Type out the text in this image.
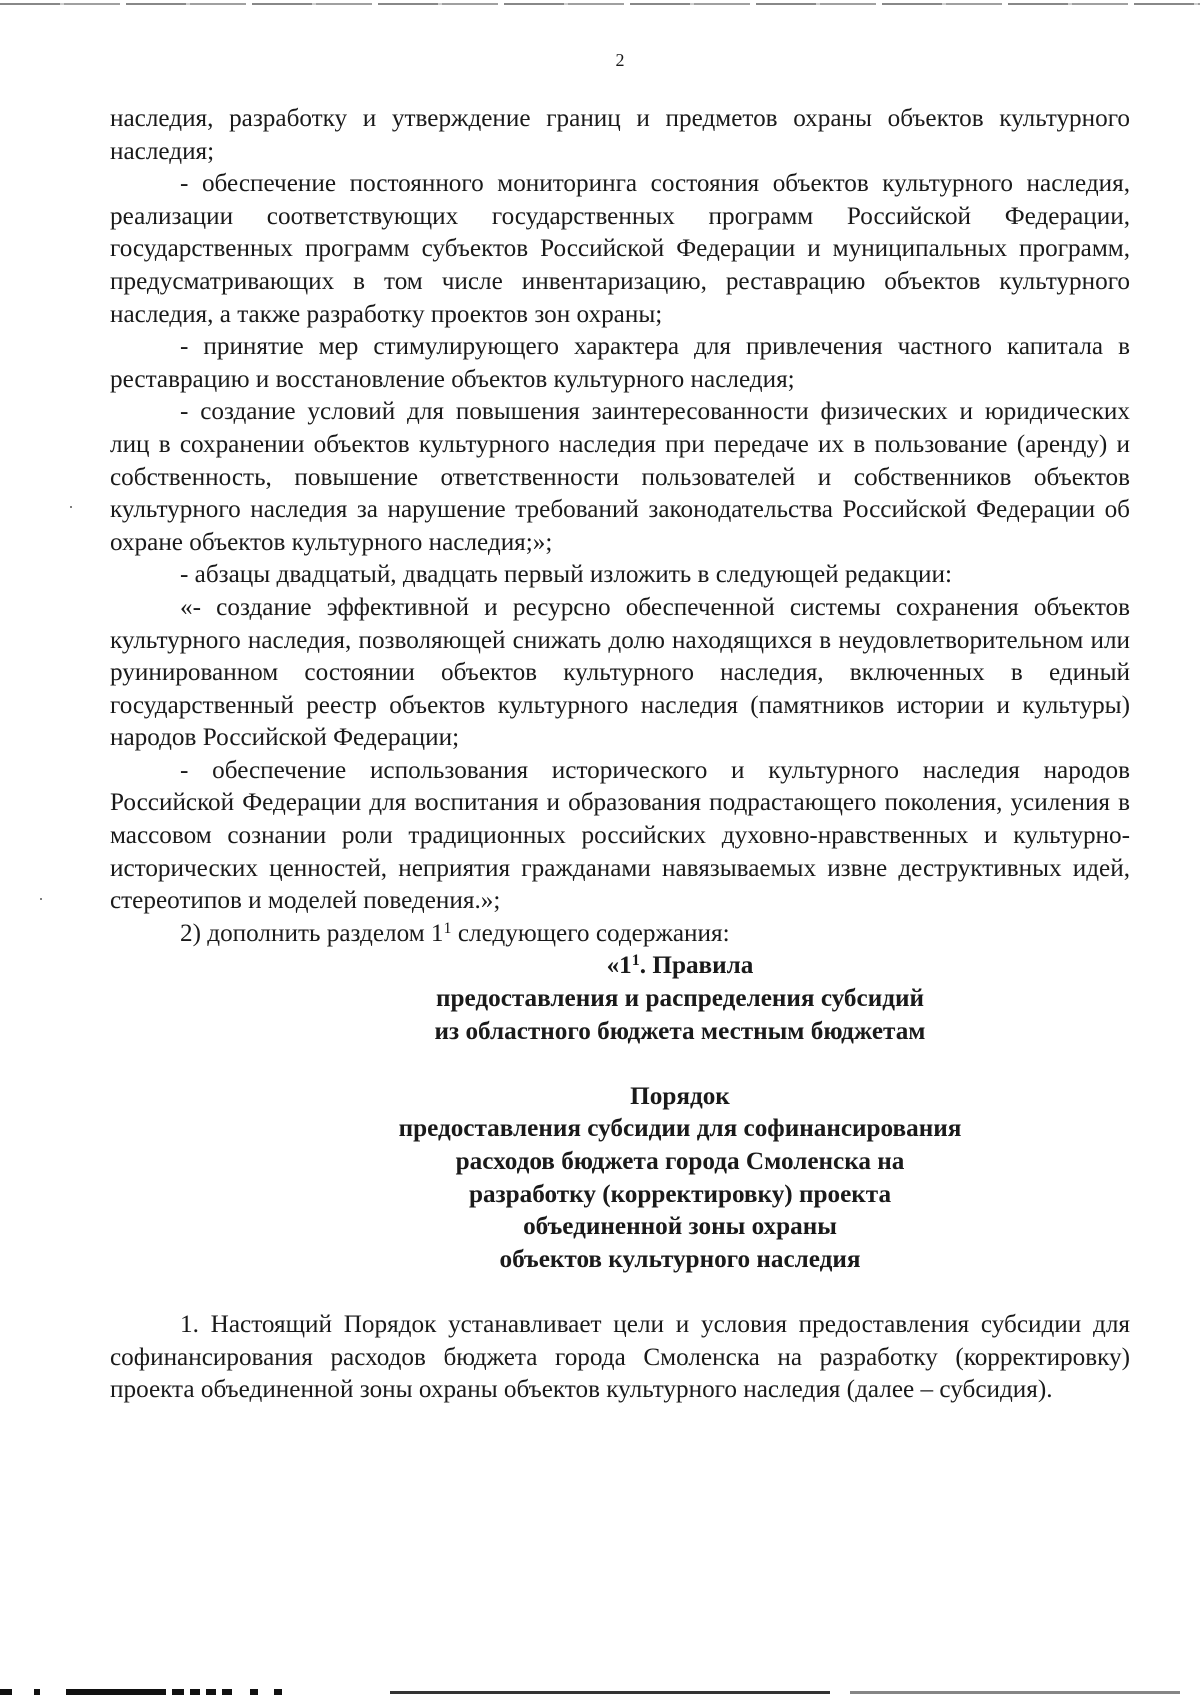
2

наследия, разработку и утверждение границ и предметов охраны объектов культурного наследия;

- обеспечение постоянного мониторинга состояния объектов культурного наследия, реализации соответствующих государственных программ Российской Федерации, государственных программ субъектов Российской Федерации и муниципальных программ, предусматривающих в том числе инвентаризацию, реставрацию объектов культурного наследия, а также разработку проектов зон охраны;

- принятие мер стимулирующего характера для привлечения частного капитала в реставрацию и восстановление объектов культурного наследия;

- создание условий для повышения заинтересованности физических и юридических лиц в сохранении объектов культурного наследия при передаче их в пользование (аренду) и собственность, повышение ответственности пользователей и собственников объектов культурного наследия за нарушение требований законодательства Российской Федерации об охране объектов культурного наследия;»;

- абзацы двадцатый, двадцать первый изложить в следующей редакции:

«- создание эффективной и ресурсно обеспеченной системы сохранения объектов культурного наследия, позволяющей снижать долю находящихся в неудовлетворительном или руинированном состоянии объектов культурного наследия, включенных в единый государственный реестр объектов культурного наследия (памятников истории и культуры) народов Российской Федерации;

- обеспечение использования исторического и культурного наследия народов Российской Федерации для воспитания и образования подрастающего поколения, усиления в массовом сознании роли традиционных российских духовно-нравственных и культурно-исторических ценностей, неприятия гражданами навязываемых извне деструктивных идей, стереотипов и моделей поведения.»;

2) дополнить разделом $1^1$ следующего содержания:

«$1^1$. Правила
предоставления и распределения субсидий
из областного бюджета местным бюджетам
Порядок
предоставления субсидии для софинансирования
расходов бюджета города Смоленска на
разработку (корректировку) проекта
объединенной зоны охраны
объектов культурного наследия

1. Настоящий Порядок устанавливает цели и условия предоставления субсидии для софинансирования расходов бюджета города Смоленска на разработку (корректировку) проекта объединенной зоны охраны объектов культурного наследия (далее – субсидия).
